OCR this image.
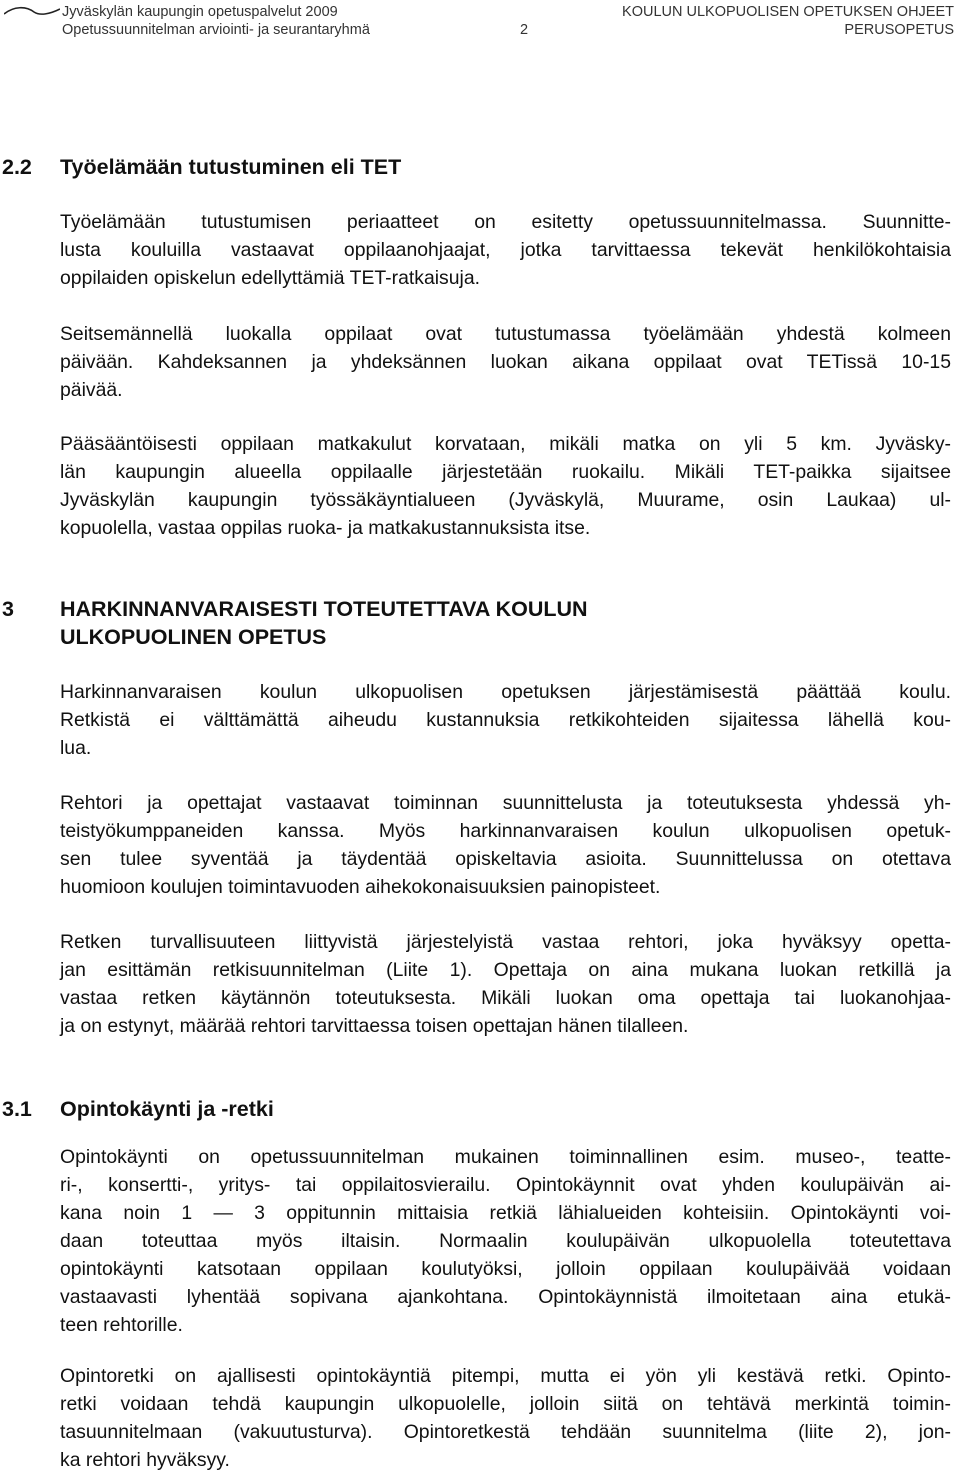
Jyväskylän kaupungin opetuspalvelut 2009
Opetussuunnitelman arviointi- ja seurantaryhmä	2
KOULUN ULKOPUOLISEN OPETUKSEN OHJEET
PERUSOPETUS
2.2 Työelämään tutustuminen eli TET

Työelämään tutustumisen periaatteet on esitetty opetussuunnitelmassa. Suunnitte-
lusta kouluilla vastaavat oppilaanohjaajat, jotka tarvittaessa tekevät henkilökohtaisia
oppilaiden opiskelun edellyttämiä TET-ratkaisuja.

Seitsemännellä luokalla oppilaat ovat tutustumassa työelämään yhdestä kolmeen
päivään. Kahdeksannen ja yhdeksännen luokan aikana oppilaat ovat TETissä 10-15
päivää.

Pääsääntöisesti oppilaan matkakulut korvataan, mikäli matka on yli 5 km. Jyväsky-
län kaupungin alueella oppilaalle järjestetään ruokailu. Mikäli TET-paikka sijaitsee
Jyväskylän kaupungin työssäkäyntialueen (Jyväskylä, Muurame, osin Laukaa) ul-
kopuolella, vastaa oppilas ruoka- ja matkakustannuksista itse.

3 HARKINNANVARAISESTI TOTEUTETTAVA KOULUN
ULKOPUOLINEN OPETUS

Harkinnanvaraisen koulun ulkopuolisen opetuksen järjestämisestä päättää koulu.
Retkistä ei välttämättä aiheudu kustannuksia retkikohteiden sijaitessa lähellä kou-
lua.

Rehtori ja opettajat vastaavat toiminnan suunnittelusta ja toteutuksesta yhdessä yh-
teistyökumppaneiden kanssa. Myös harkinnanvaraisen koulun ulkopuolisen opetuk-
sen tulee syventää ja täydentää opiskeltavia asioita. Suunnittelussa on otettava
huomioon koulujen toimintavuoden aihekokonaisuuksien painopisteet.

Retken turvallisuuteen liittyvistä järjestelyistä vastaa rehtori, joka hyväksyy opetta-
jan esittämän retkisuunnitelman (Liite 1). Opettaja on aina mukana luokan retkillä ja
vastaa retken käytännön toteutuksesta. Mikäli luokan oma opettaja tai luokanohjaa-
ja on estynyt, määrää rehtori tarvittaessa toisen opettajan hänen tilalleen.

3.1 Opintokäynti ja -retki

Opintokäynti on opetussuunnitelman mukainen toiminnallinen esim. museo-, teatte-
ri-, konsertti-, yritys- tai oppilaitosvierailu. Opintokäynnit ovat yhden koulupäivän ai-
kana noin 1 — 3 oppitunnin mittaisia retkiä lähialueiden kohteisiin. Opintokäynti voi-
daan toteuttaa myös iltaisin. Normaalin koulupäivän ulkopuolella toteutettava
opintokäynti katsotaan oppilaan koulutyöksi, jolloin oppilaan koulupäivää voidaan
vastaavasti lyhentää sopivana ajankohtana. Opintokäynnistä ilmoitetaan aina etukä-
teen rehtorille.

Opintoretki on ajallisesti opintokäyntiä pitempi, mutta ei yön yli kestävä retki. Opinto-
retki voidaan tehdä kaupungin ulkopuolelle, jolloin siitä on tehtävä merkintä toimin-
tasuunnitelmaan (vakuutusturva). Opintoretkestä tehdään suunnitelma (liite 2), jon-
ka rehtori hyväksyy.
